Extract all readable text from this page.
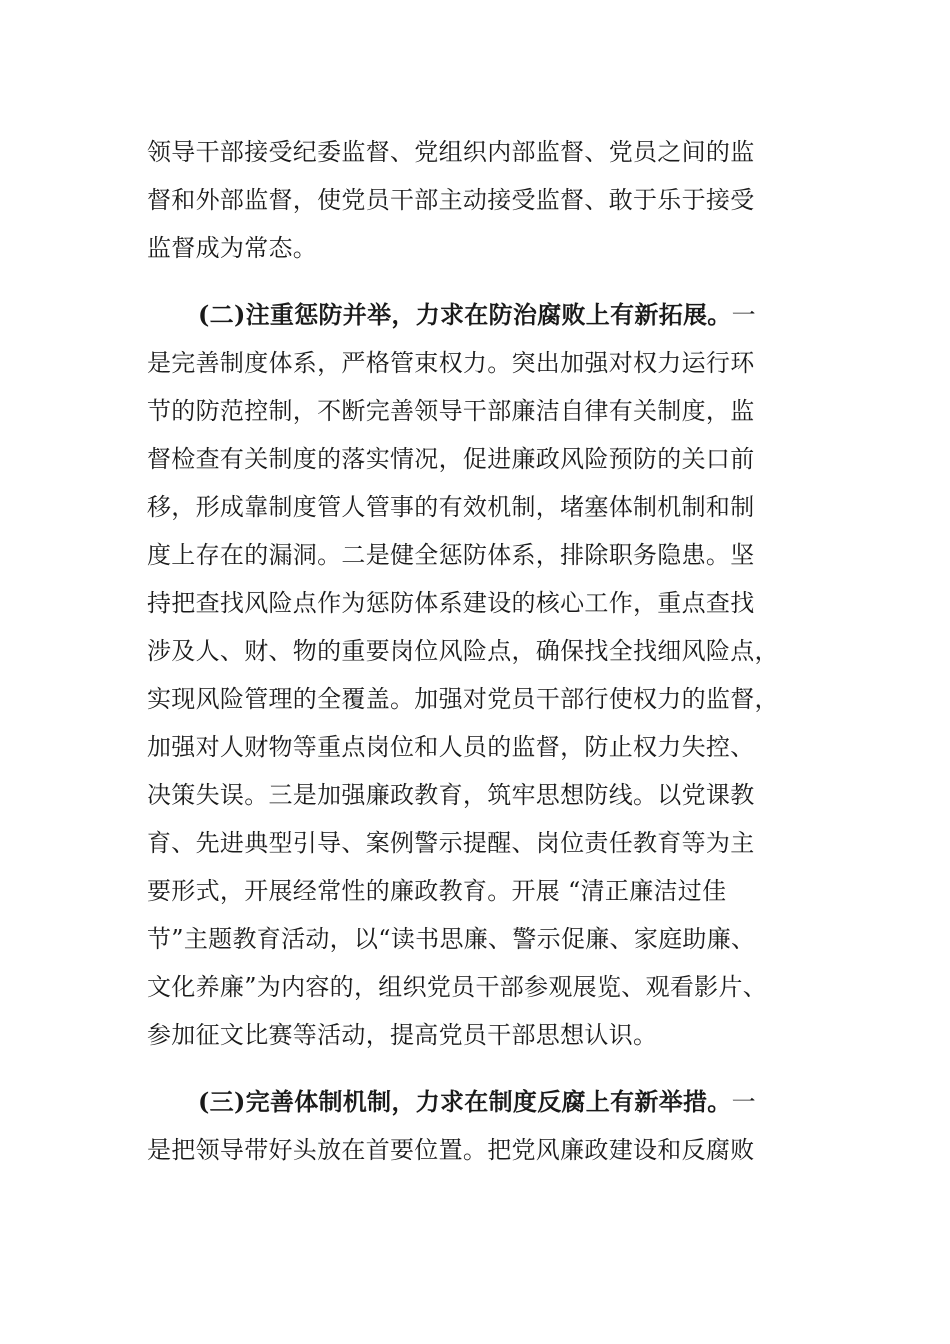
领导干部接受纪委监督、党组织内部监督、党员之间的监
督和外部监督，使党员干部主动接受监督、敢于乐于接受
监督成为常态。
(二)注重惩防并举，力求在防治腐败上有新拓展。一
是完善制度体系，严格管束权力。突出加强对权力运行环
节的防范控制，不断完善领导干部廉洁自律有关制度，监
督检查有关制度的落实情况，促进廉政风险预防的关口前
移，形成靠制度管人管事的有效机制，堵塞体制机制和制
度上存在的漏洞。二是健全惩防体系，排除职务隐患。坚
持把查找风险点作为惩防体系建设的核心工作，重点查找
涉及人、财、物的重要岗位风险点，确保找全找细风险点，
实现风险管理的全覆盖。加强对党员干部行使权力的监督，
加强对人财物等重点岗位和人员的监督，防止权力失控、
决策失误。三是加强廉政教育，筑牢思想防线。以党课教
育、先进典型引导、案例警示提醒、岗位责任教育等为主
要形式，开展经常性的廉政教育。开展 “清正廉洁过佳
节”主题教育活动，以“读书思廉、警示促廉、家庭助廉、
文化养廉”为内容的，组织党员干部参观展览、观看影片、
参加征文比赛等活动，提高党员干部思想认识。
(三)完善体制机制，力求在制度反腐上有新举措。一
是把领导带好头放在首要位置。把党风廉政建设和反腐败
